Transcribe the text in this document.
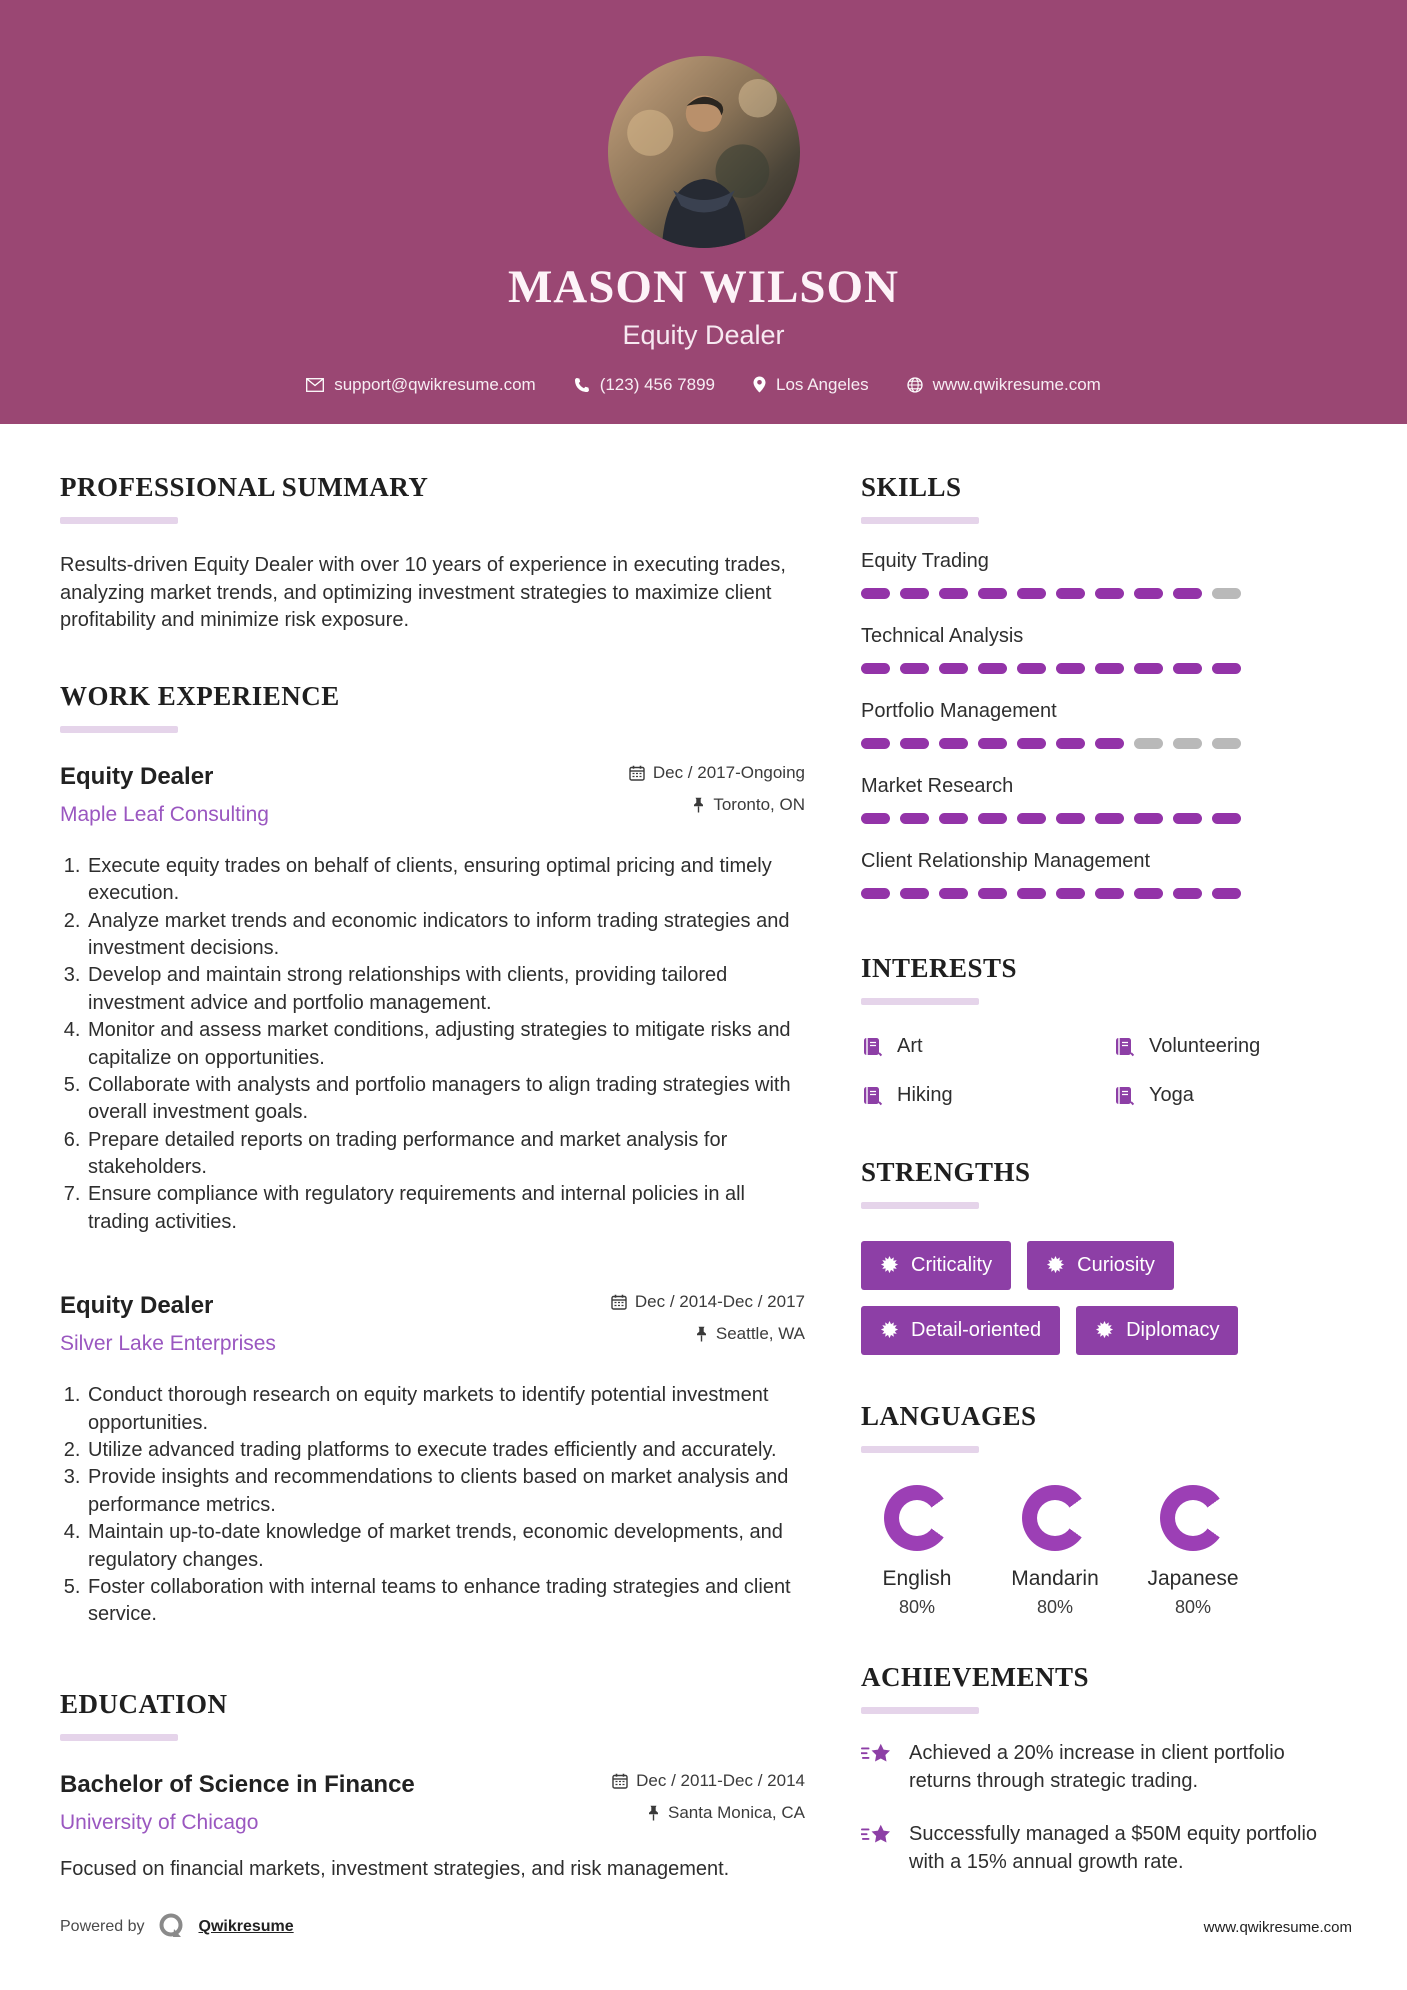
MASON WILSON
Equity Dealer
support@qwikresume.com	(123) 456 7899	Los Angeles	www.qwikresume.com
PROFESSIONAL SUMMARY

Results-driven Equity Dealer with over 10 years of experience in executing trades, analyzing market trends, and optimizing investment strategies to maximize client profitability and minimize risk exposure.

WORK EXPERIENCE
Equity Dealer
Maple Leaf Consulting
Dec / 2017-Ongoing
Toronto, ON
1. Execute equity trades on behalf of clients, ensuring optimal pricing and timely execution.
2. Analyze market trends and economic indicators to inform trading strategies and investment decisions.
3. Develop and maintain strong relationships with clients, providing tailored investment advice and portfolio management.
4. Monitor and assess market conditions, adjusting strategies to mitigate risks and capitalize on opportunities.
5. Collaborate with analysts and portfolio managers to align trading strategies with overall investment goals.
6. Prepare detailed reports on trading performance and market analysis for stakeholders.
7. Ensure compliance with regulatory requirements and internal policies in all trading activities.
Equity Dealer
Silver Lake Enterprises
Dec / 2014-Dec / 2017
Seattle, WA
1. Conduct thorough research on equity markets to identify potential investment opportunities.
2. Utilize advanced trading platforms to execute trades efficiently and accurately.
3. Provide insights and recommendations to clients based on market analysis and performance metrics.
4. Maintain up-to-date knowledge of market trends, economic developments, and regulatory changes.
5. Foster collaboration with internal teams to enhance trading strategies and client service.
EDUCATION
Bachelor of Science in Finance
University of Chicago
Dec / 2011-Dec / 2014
Santa Monica, CA

Focused on financial markets, investment strategies, and risk management.

SKILLS
Equity Trading
Technical Analysis
Portfolio Management
Market Research
Client Relationship Management
INTERESTS
Art	Volunteering
Hiking	Yoga
STRENGTHS
Criticality	Curiosity
Detail-oriented	Diplomacy
LANGUAGES
English
80%
Mandarin
80%
Japanese
80%
ACHIEVEMENTS
Achieved a 20% increase in client portfolio returns through strategic trading.
Successfully managed a $50M equity portfolio with a 15% annual growth rate.
Powered by	Qwikresume	www.qwikresume.com
